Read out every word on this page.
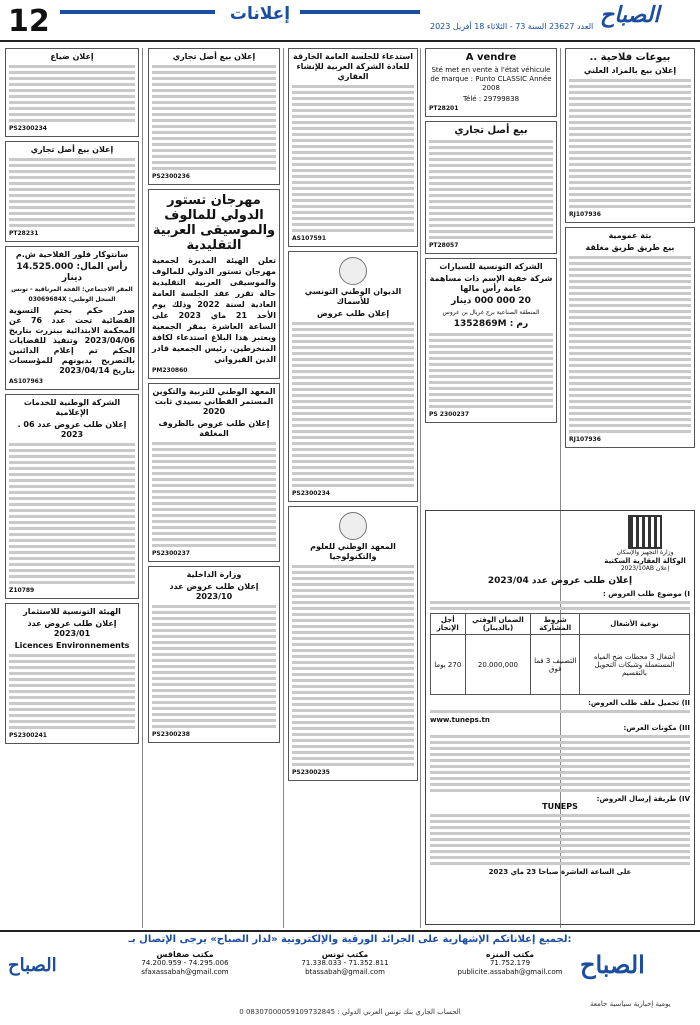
12	إعلانات
العدد 23627 السنة 73 - الثلاثاء 18 أفريل 2023 الصباح
بيوعات فلاحية ..
إعلان بيع بالمزاد العلني
RJ107936
بتة عمومية
بيع طريق طريق مغلقة
RJ107936
A vendre

Sté met en vente à l'état véhicule de marque : Punto CLASSIC Année 2008

Télé : 29799838

PT28201
بيع أصل تجاري
PT28057
الشركة التونسية للسيارات
شركة خفية الإسم ذات مساهمة عامة رأس مالها

20 000 000 دينار

المنطقة الصناعية برج غربال بن عروس

رم : 1352869M

PS 2300237
استدعاء للجلسة العامة الخارقة للعادة الشركة العربية للإنشاء العقاري
AS107591
الديوان الوطني التونسي للأسماك
إعلان طلب عروض
PS2300234
المعهد الوطني للعلوم والتكنولوجيا
PS2300235
إعلان بيع أصل تجاري
PS2300236

مهرجان تستور الدولي للمالوف والموسيقى العربية التقليدية

تعلن الهيئة المديرة لجمعية مهرجان تستور الدولي للمالوف والموسيقى العربية التقليدية حالة تقرر عقد الجلسة العامة العادية لسنة 2022 وذلك يوم الأحد 21 ماي 2023 على الساعة العاشرة بمقر الجمعية ويعتبر هذا البلاغ استدعاء لكافة المنخرطين. رئيس الجمعية قادر الدين القيرواني

PM230860
المعهد الوطني للتربية والتكوين المستمر القطاني بسيدي ثابت 2020
إعلان طلب عروض بالظروف المغلقة
PS2300237
وزارة الداخلية
إعلان طلب عروض عدد 2023/10
PS2300238
إعلان ضياع
PS2300234
إعلان بيع أصل تجاري
PT28231
سانتوكار فلور الفلاحية ش.م

رأس المال: 14.525.000 دينار

المقر الاجتماعي: الفجة المرناقية - تونس

السجل الوطني: 03069684X

صدر حكم بختم التسوية القضائية تحت عدد 76 عن المحكمة الابتدائية ببنزرت بتاريخ 2023/04/06 وتنفيذ للقضايات الحكم تم إعلام الدائنين بالتصريح بديونهم للمؤسسات بتاريخ 2023/04/14

AS107963
الشركة الوطنية للخدمات الإعلامية
إعلان طلب عروض عدد 06 . 2023
Z10789
الهيئة التونسية للاستثمار
إعلان طلب عروض عدد 2023/01
Licences Environnements
PS2300241

وزارة التجهيز والإسكان

الوكالة العقارية السكنية

إعلان 2023/10AB

إعلان طلب عروض عدد 2023/04

I) موضوع طلب العروض :

نوعية الأشغال	شروط المشاركة	الضمان الوقتي (بالدينار)	أجل الإنجاز
أشغال 3 محطات ضخ المياه المستعملة وشبكات التحويل بالتقسيم	التصنيف 3 فما فوق	20.000,000	270 يوما

II) تحميل ملف طلب العروض:

www.tuneps.tn

III) مكونات العرض:

IV) طريقة إرسال العروض:

TUNEPS

على الساعة العاشرة صباحا 23 ماي 2023

لجميع إعلاناتكم الإشهارية على الجرائد الورقية والإلكترونية «لدار الصباح» يرجى الإتصال بـ:
الصباح
يومية إخبارية سياسية جامعة
الصباح
مكتب المنزه
71.752.179
publicite.assabah@gmail.com
مكتب تونس
71.338.033 - 71.352.811
btassabah@gmail.com
مكتب صفاقس
74.200.959 - 74.295.006
sfaxassabah@gmail.com
الحساب الجاري بنك تونس العربي الدولي : 08307000059109732845 0
